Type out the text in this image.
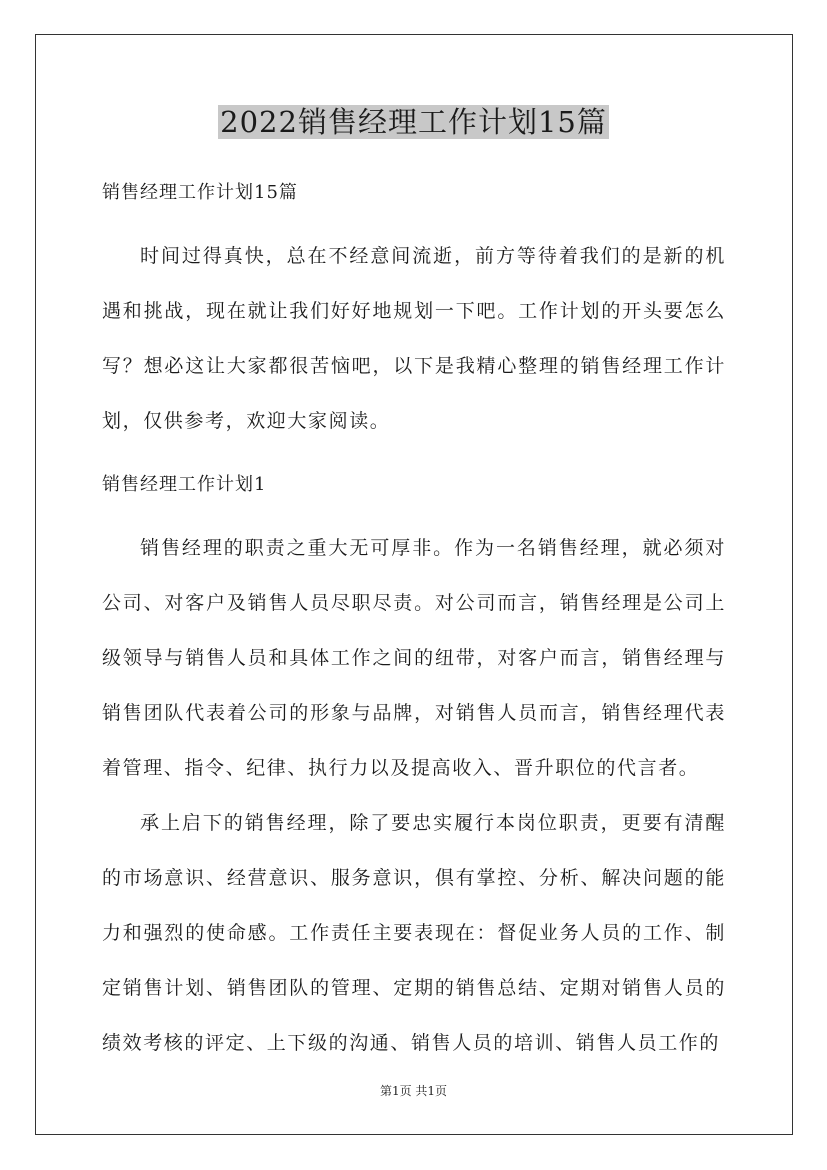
2022销售经理工作计划15篇

销售经理工作计划15篇

时间过得真快，总在不经意间流逝，前方等待着我们的是新的机遇和挑战，现在就让我们好好地规划一下吧。工作计划的开头要怎么写？想必这让大家都很苦恼吧，以下是我精心整理的销售经理工作计划，仅供参考，欢迎大家阅读。

销售经理工作计划1

销售经理的职责之重大无可厚非。作为一名销售经理，就必须对公司、对客户及销售人员尽职尽责。对公司而言，销售经理是公司上级领导与销售人员和具体工作之间的纽带，对客户而言，销售经理与销售团队代表着公司的形象与品牌，对销售人员而言，销售经理代表着管理、指令、纪律、执行力以及提高收入、晋升职位的代言者。

承上启下的销售经理，除了要忠实履行本岗位职责，更要有清醒的市场意识、经营意识、服务意识，倶有掌控、分析、解决问题的能力和强烈的使命感。工作责任主要表现在：督促业务人员的工作、制定销售计划、销售团队的管理、定期的销售总结、定期对销售人员的绩效考核的评定、上下级的沟通、销售人员的培训、销售人员工作的

第1页 共1页
